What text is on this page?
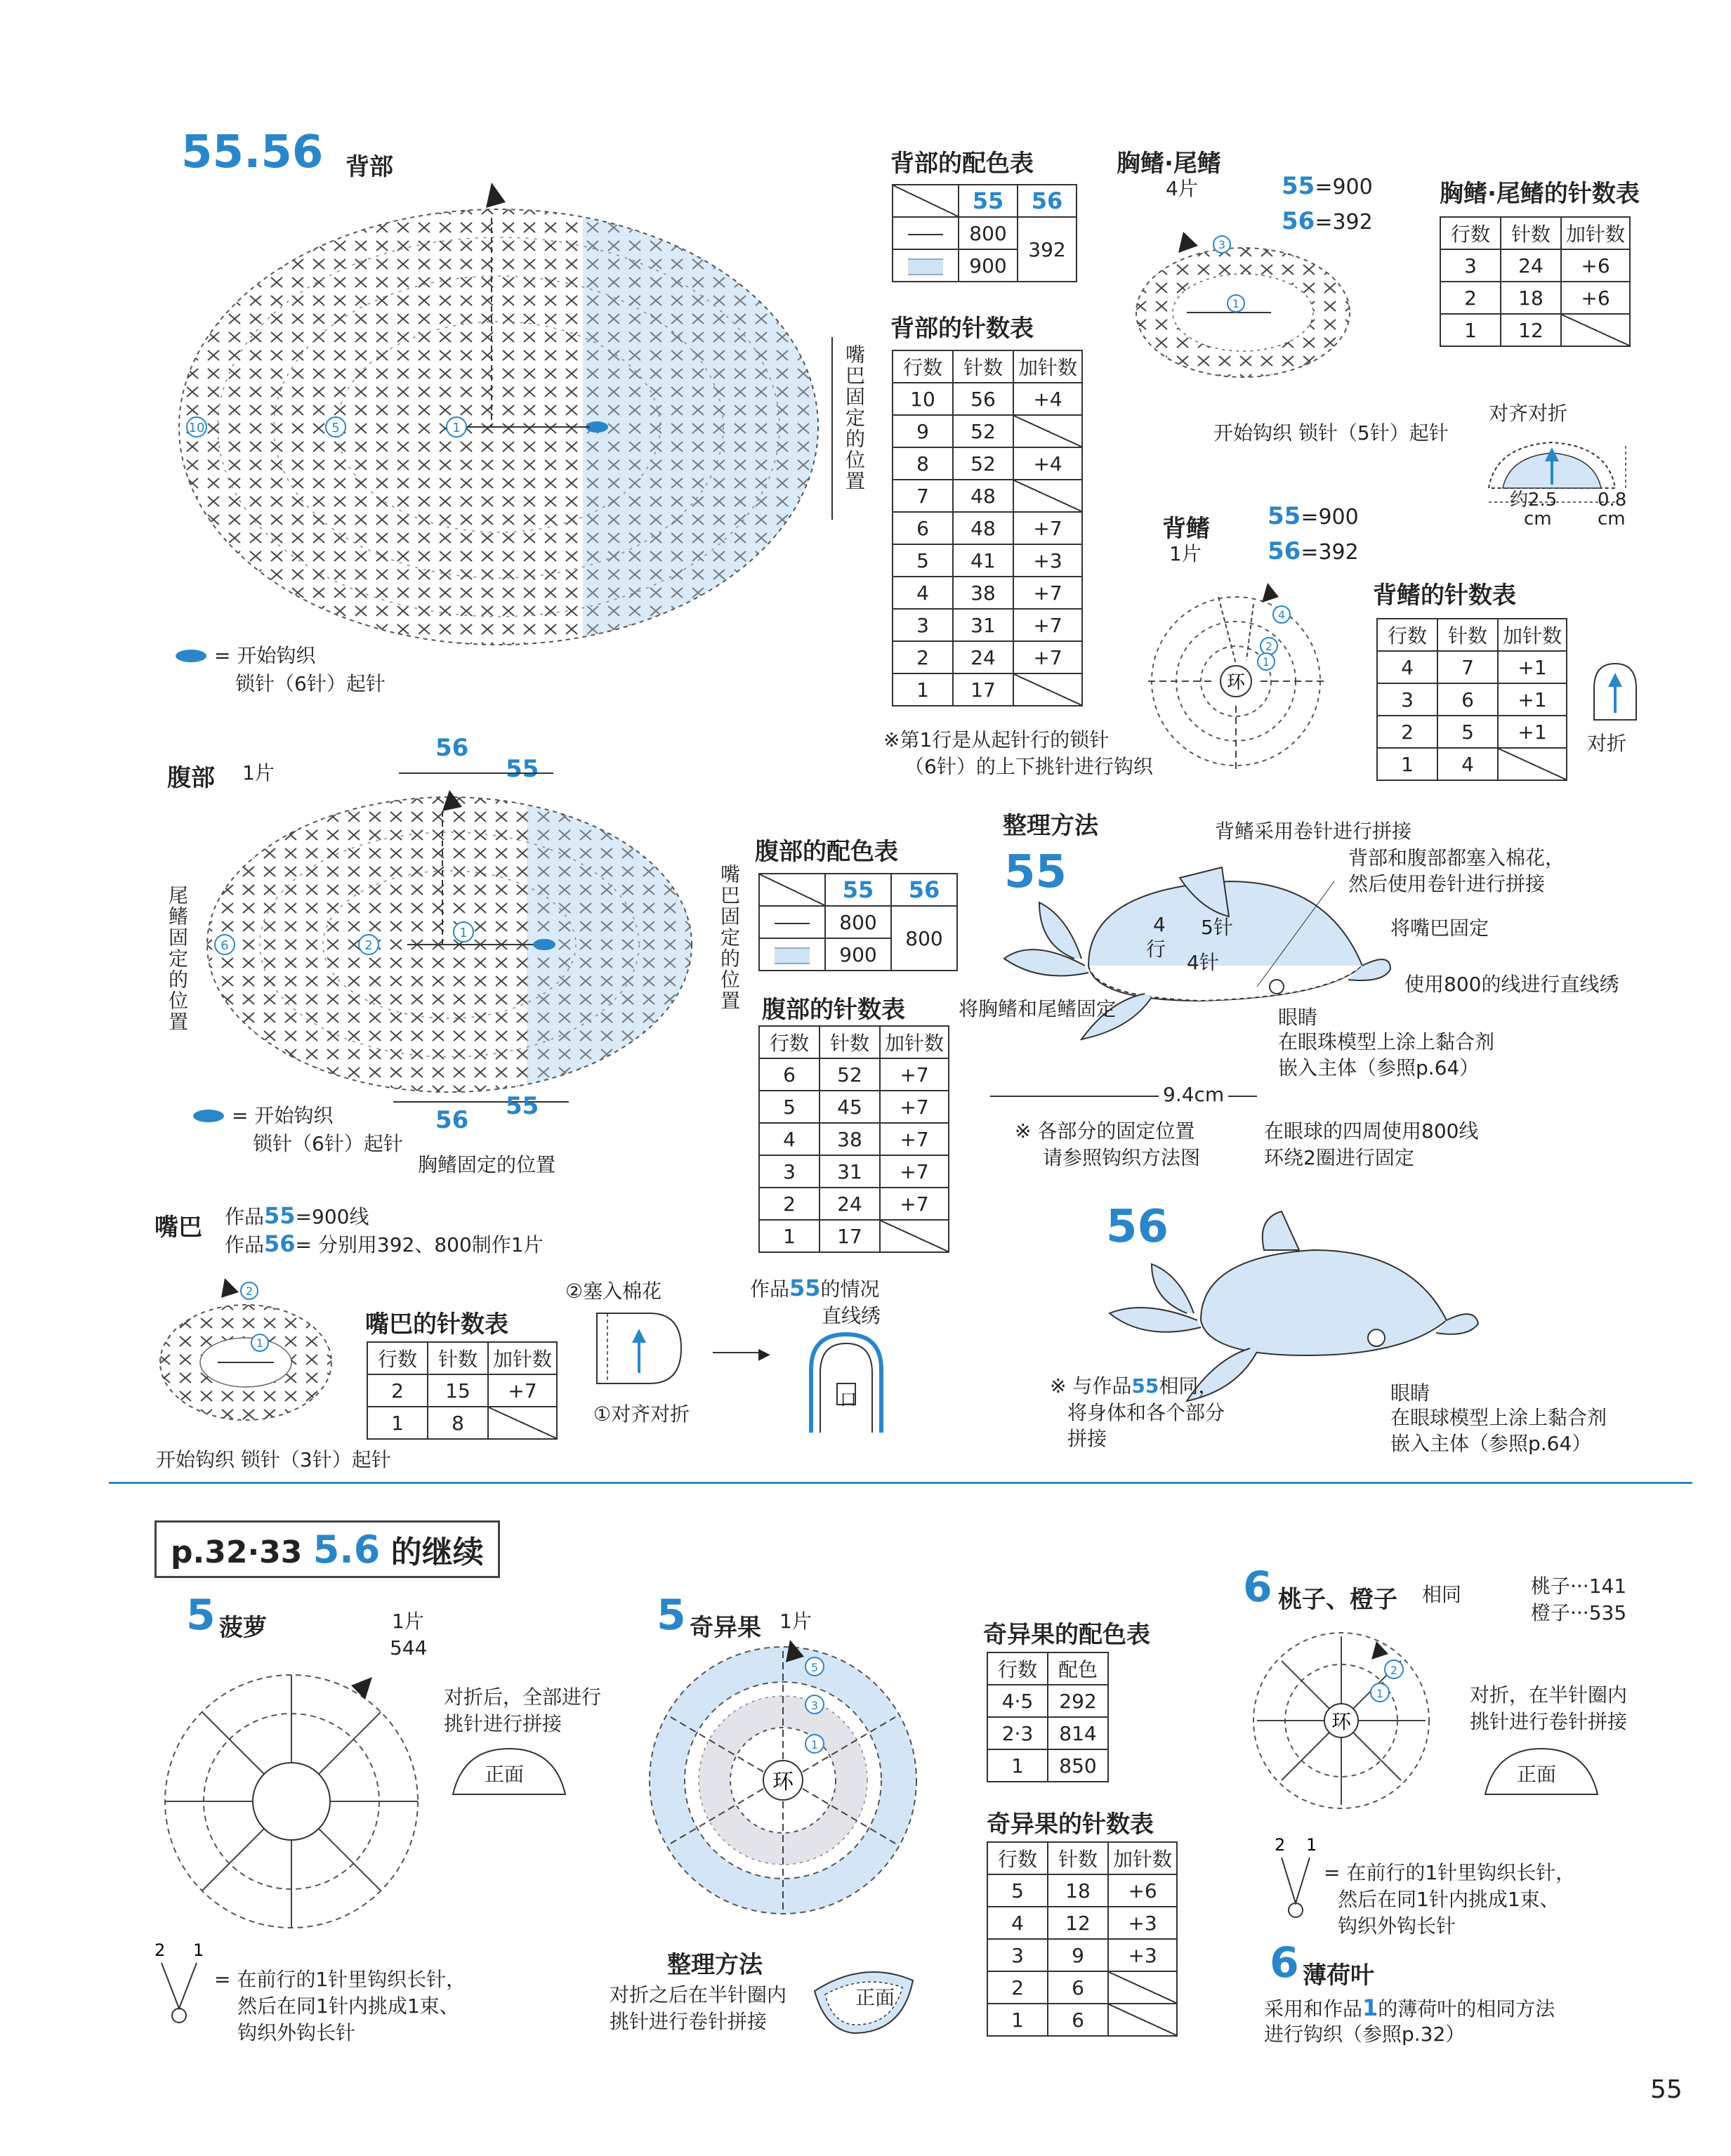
55.56 背部
10	5	1	嘴巴固定的位置
= 开始钩织
锁针（6针）起针
背部的配色表
	55	56
	800	392
	900	
背部的针数表
行数	针数	加针数
10	56	+4
9	52	
8	52	+4
7	48	
6	48	+7
5	41	+3
4	38	+7
3	31	+7
2	24	+7
1	17	
※第1行是从起针行的锁针
（6针）的上下挑针进行钩织
胸鳍·尾鳍
4片	55=900
56=392
3
1
开始钩织 锁针（5针）起针
对齐对折
约2.5
cm
0.8
cm
胸鳍·尾鳍的针数表
行数	针数	加针数
3	24	+6
2	18	+6
1	12	
背鳍
1片
55=900
56=392
环
4
2
1
背鳍的针数表
行数	针数	加针数
4	7	+1
3	6	+1
2	5	+1
1	4	
对折
腹部 1片
56
55
6	2
1
尾鳍固定的位置	嘴巴固定的位置
56 55
胸鳍固定的位置
= 开始钩织
锁针（6针）起针
腹部的配色表
	55	56
	800	800
	900	
腹部的针数表
行数	针数	加针数
6	52	+7
5	45	+7
4	38	+7
3	31	+7
2	24	+7
1	17	
整理方法
55
4
行
5针
4针
背鳍采用卷针进行拼接
背部和腹部都塞入棉花，
然后使用卷针进行拼接
将嘴巴固定
使用800的线进行直线绣
将胸鳍和尾鳍固定	眼睛
在眼珠模型上涂上黏合剂
嵌入主体（参照p.64）
9.4cm
※ 各部分的固定位置
请参照钩织方法图
在眼球的四周使用800线
环绕2圈进行固定
56
※ 与作品55相同，
将身体和各个部分
拼接
眼睛
在眼球模型上涂上黏合剂
嵌入主体（参照p.64）
嘴巴 作品55=900线
作品56= 分别用392、800制作1片
2
1
开始钩织 锁针（3针）起针
嘴巴的针数表
行数	针数	加针数
2	15	+7
1	8	
②塞入棉花
①对齐对折
▶
作品55的情况
直线绣
口
p.32·33 5.6 的继续
5 菠萝	1片
544
对折后，全部进行
挑针进行拼接
正面
2 1
= 在前行的1针里钩织长针，
然后在同1针内挑成1束、
钩织外钩长针
5 奇异果 1片
环
5
3
1
整理方法
对折之后在半针圈内
挑针进行卷针拼接
正面
奇异果的配色表
行数	配色
4·5	292
2·3	814
1	850
奇异果的针数表
行数	针数	加针数
5	18	+6
4	12	+3
3	9	+3
2	6	
1	6	
6 桃子、橙子 相同	桃子···141
橙子···535
环
2
1	对折，在半针圈内
挑针进行卷针拼接
正面
2 1
= 在前行的1针里钩织长针，
然后在同1针内挑成1束、
钩织外钩长针
6 薄荷叶
采用和作品1的薄荷叶的相同方法
进行钩织（参照p.32）
55
